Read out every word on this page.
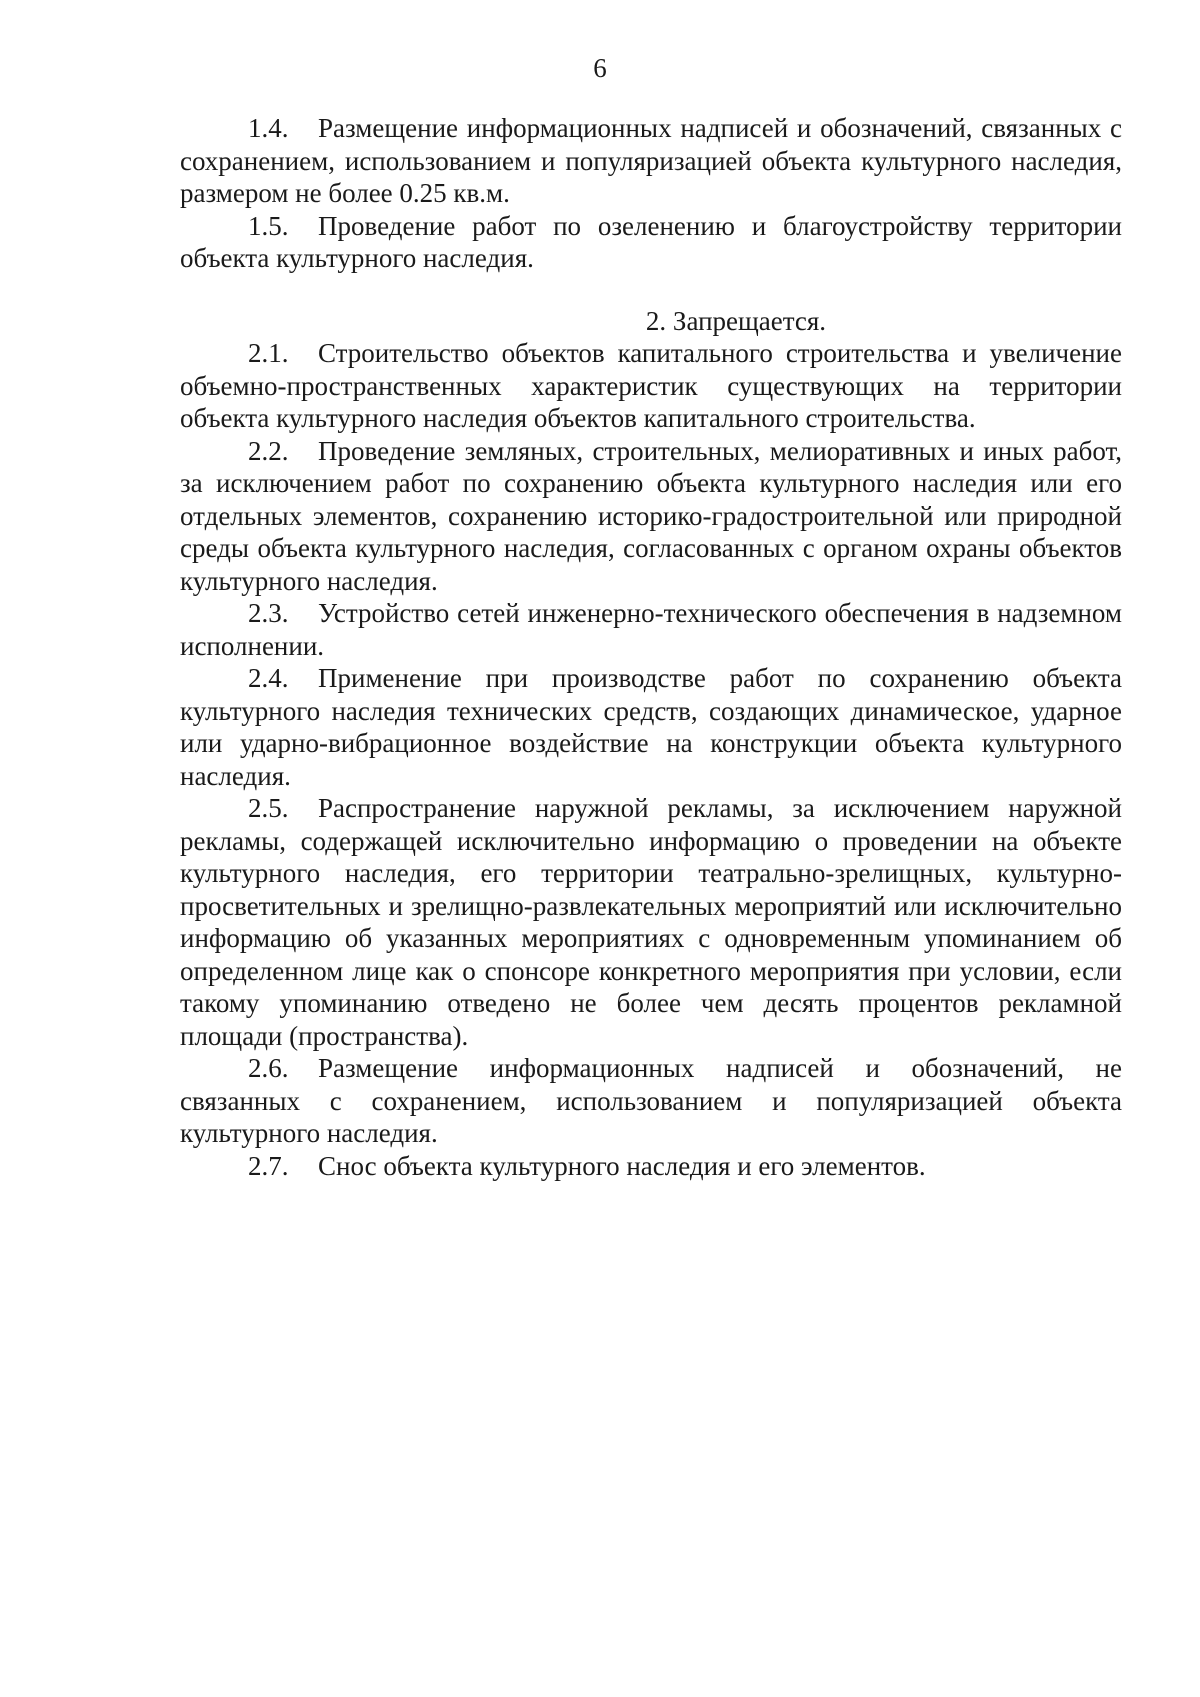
6

1.4. Размещение информационных надписей и обозначений, связанных с сохранением, использованием и популяризацией объекта культурного наследия, размером не более 0.25 кв.м.

1.5. Проведение работ по озеленению и благоустройству территории объекта культурного наследия.

2. Запрещается.

2.1. Строительство объектов капитального строительства и увеличение объемно-пространственных характеристик существующих на территории объекта культурного наследия объектов капитального строительства.

2.2. Проведение земляных, строительных, мелиоративных и иных работ, за исключением работ по сохранению объекта культурного наследия или его отдельных элементов, сохранению историко-градостроительной или природной среды объекта культурного наследия, согласованных с органом охраны объектов культурного наследия.

2.3. Устройство сетей инженерно-технического обеспечения в надземном исполнении.

2.4. Применение при производстве работ по сохранению объекта культурного наследия технических средств, создающих динамическое, ударное или ударно-вибрационное воздействие на конструкции объекта культурного наследия.

2.5. Распространение наружной рекламы, за исключением наружной рекламы, содержащей исключительно информацию о проведении на объекте культурного наследия, его территории театрально-зрелищных, культурно-просветительных и зрелищно-развлекательных мероприятий или исключительно информацию об указанных мероприятиях с одновременным упоминанием об определенном лице как о спонсоре конкретного мероприятия при условии, если такому упоминанию отведено не более чем десять процентов рекламной площади (пространства).

2.6. Размещение информационных надписей и обозначений, не связанных с сохранением, использованием и популяризацией объекта культурного наследия.

2.7. Снос объекта культурного наследия и его элементов.
